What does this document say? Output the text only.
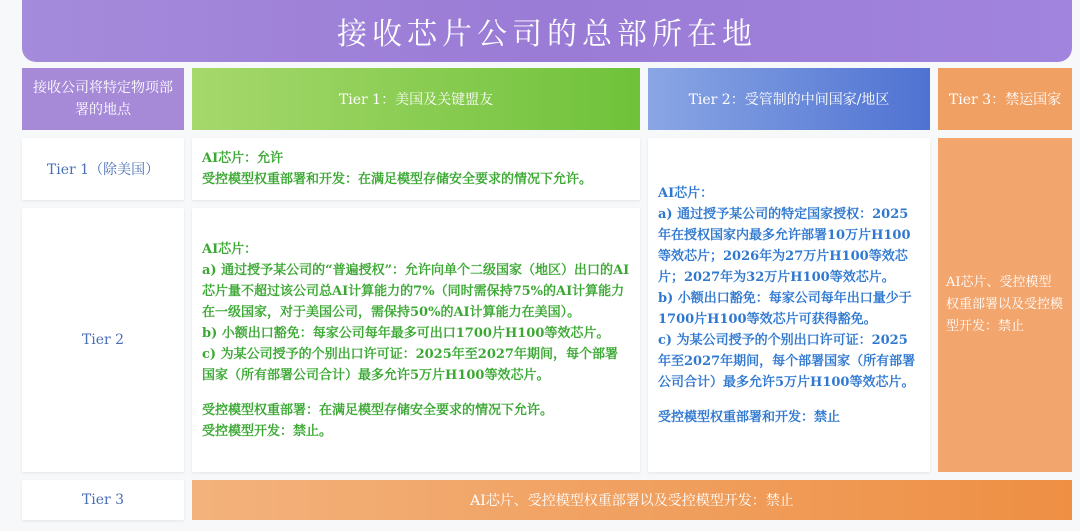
接收芯片公司的总部所在地
接收公司将特定物项部署的地点
Tier 1：美国及关键盟友	Tier 2：受管制的中间国家/地区	Tier 3：禁运国家
Tier 1（除美国）
Tier 2
Tier 3

AI芯片：允许

受控模型权重部署和开发：在满足模型存储安全要求的情况下允许。

AI芯片：

a) 通过授予某公司的“普遍授权”：允许向单个二级国家（地区）出口的AI芯片量不超过该公司总AI计算能力的7%（同时需保持75%的AI计算能力在一级国家，对于美国公司，需保持50%的AI计算能力在美国）。

b) 小额出口豁免：每家公司每年最多可出口1700片H100等效芯片。

c) 为某公司授予的个别出口许可证：2025年至2027年期间，每个部署国家（所有部署公司合计）最多允许5万片H100等效芯片。

受控模型权重部署：在满足模型存储安全要求的情况下允许。

受控模型开发：禁止。

AI芯片：

a) 通过授予某公司的特定国家授权：2025年在授权国家内最多允许部署10万片H100等效芯片；2026年为27万片H100等效芯片；2027年为32万片H100等效芯片。

b) 小额出口豁免：每家公司每年出口量少于1700片H100等效芯片可获得豁免。

c) 为某公司授予的个别出口许可证：2025年至2027年期间，每个部署国家（所有部署公司合计）最多允许5万片H100等效芯片。

受控模型权重部署和开发：禁止

AI芯片、受控模型权重部署以及受控模型开发：禁止
AI芯片、受控模型权重部署以及受控模型开发：禁止
